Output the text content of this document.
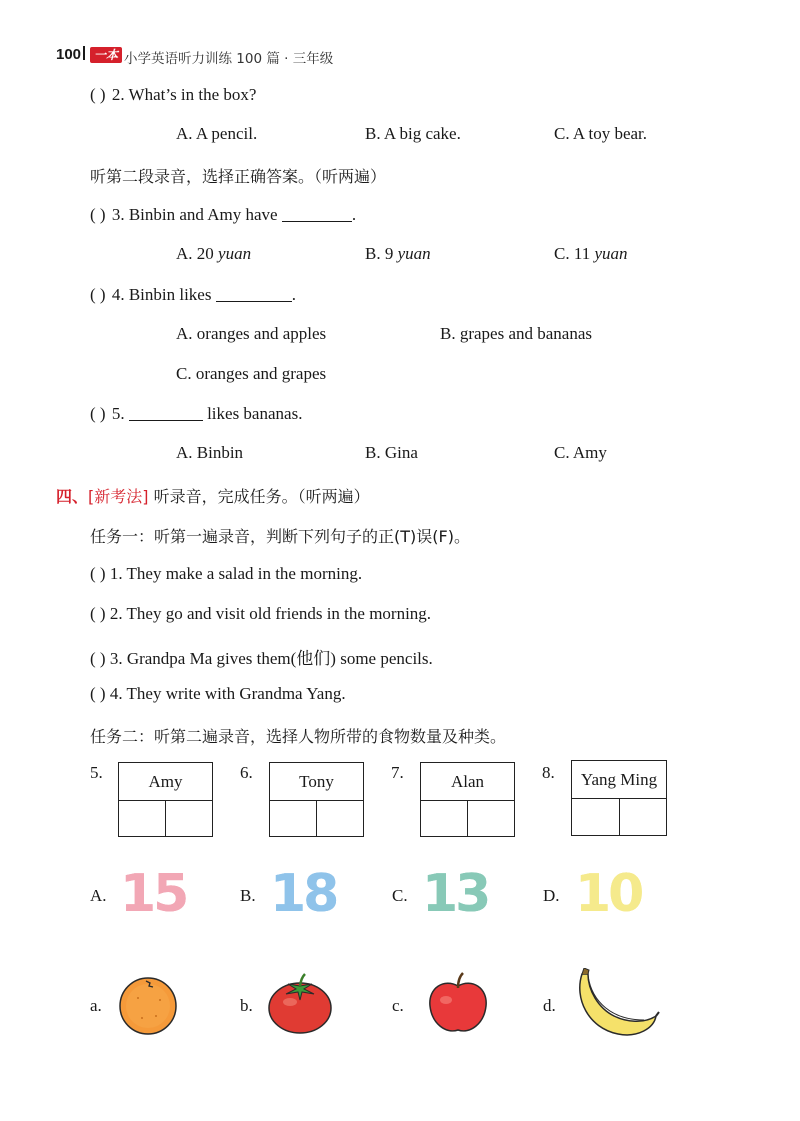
100	一本 小学英语听力训练 100 篇 · 三年级
( ) 2. What’s in the box?
A. A pencil.	B. A big cake.	C. A toy bear.
听第二段录音，选择正确答案。（听两遍）
( ) 3. Binbin and Amy have	.
A. 20 yuan	B. 9 yuan	C. 11 yuan
( ) 4. Binbin likes	.
A. oranges and apples	B. grapes and bananas
C. oranges and grapes
( ) 5.	likes bananas.
A. Binbin	B. Gina	C. Amy
四、[新考法] 听录音，完成任务。（听两遍）
任务一：听第一遍录音，判断下列句子的正(T)误(F)。
( ) 1. They make a salad in the morning.
( ) 2. They go and visit old friends in the morning.
( ) 3. Grandpa Ma gives them(他们) some pencils.
( ) 4. They write with Grandma Yang.
任务二：听第二遍录音，选择人物所带的食物数量及种类。
5.	Amy	6.	Tony	7.	Alan	8.	Yang Ming
A. 15	B. 18	C. 13	D. 10
a.	b.	c.	d.
